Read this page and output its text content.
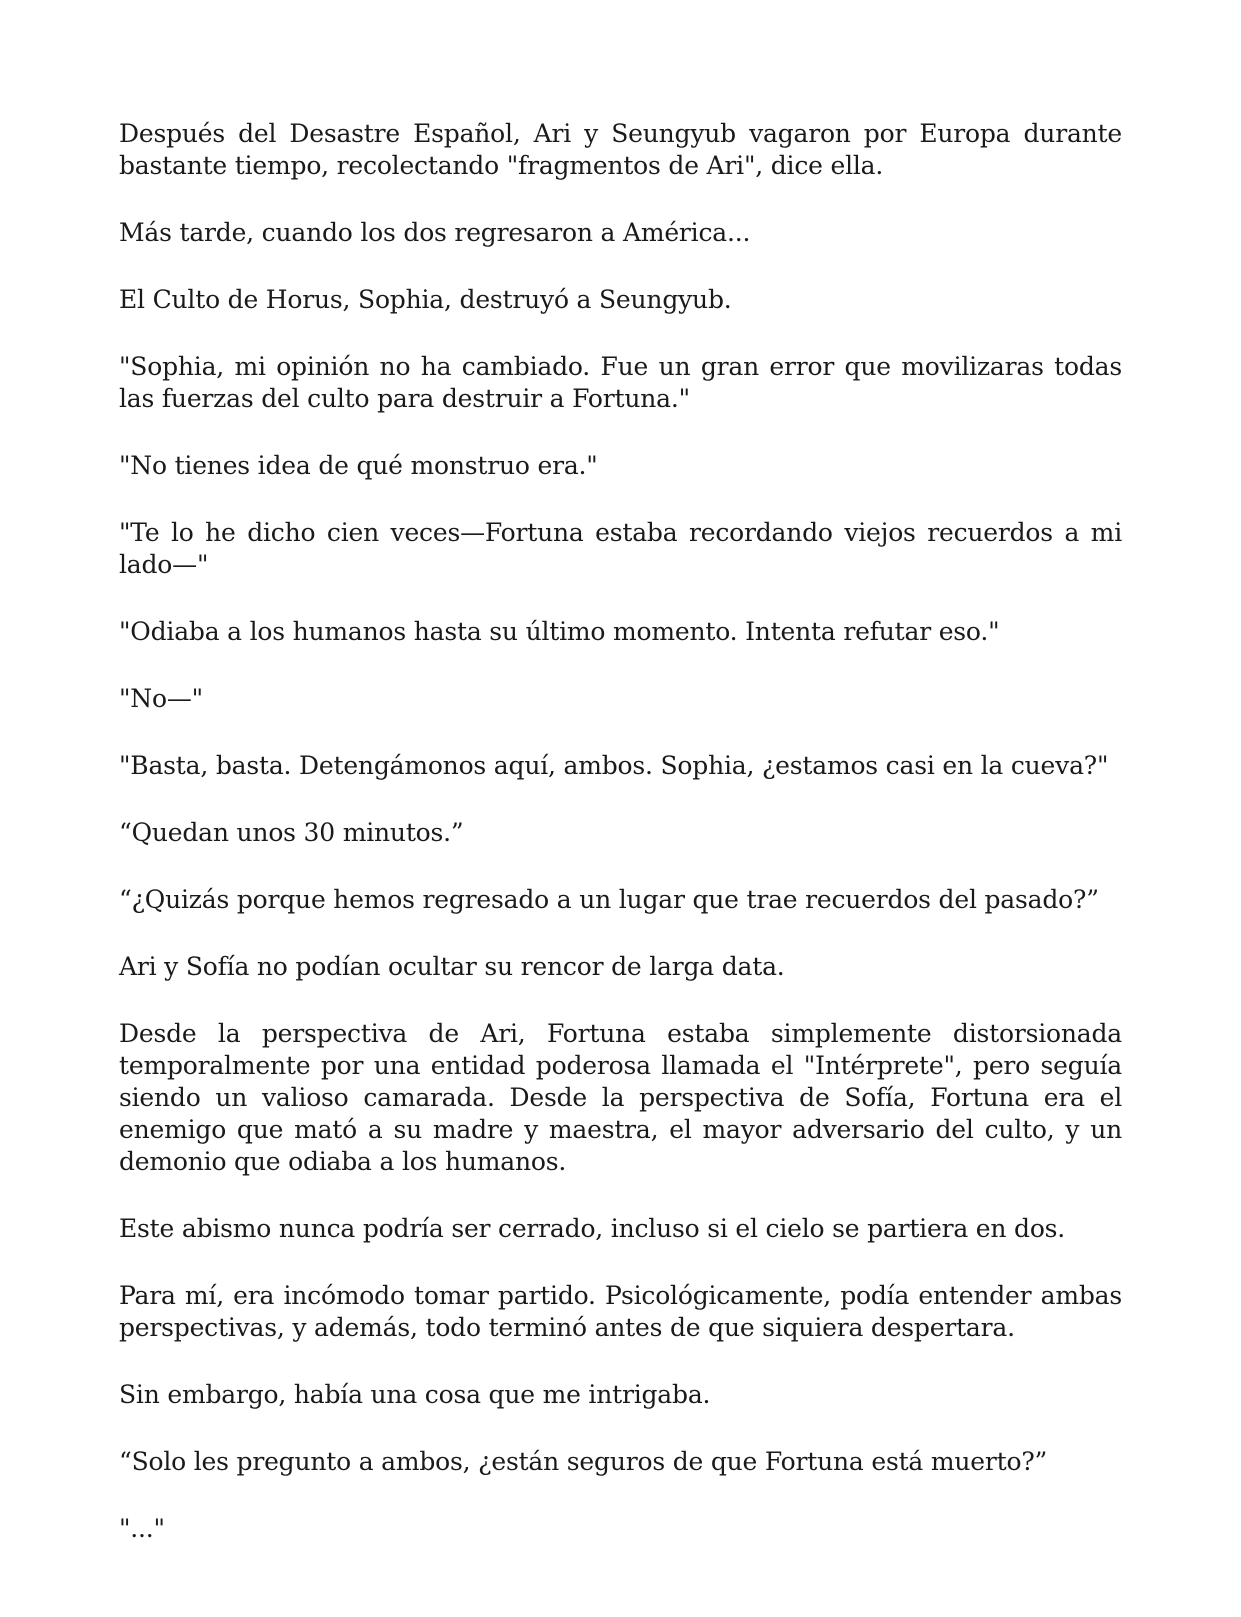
Después del Desastre Español, Ari y Seungyub vagaron por Europa durante bastante tiempo, recolectando "fragmentos de Ari", dice ella.

Más tarde, cuando los dos regresaron a América...

El Culto de Horus, Sophia, destruyó a Seungyub.

"Sophia, mi opinión no ha cambiado. Fue un gran error que movilizaras todas las fuerzas del culto para destruir a Fortuna."

"No tienes idea de qué monstruo era."

"Te lo he dicho cien veces—Fortuna estaba recordando viejos recuerdos a mi lado—"

"Odiaba a los humanos hasta su último momento. Intenta refutar eso."

"No—"

"Basta, basta. Detengámonos aquí, ambos. Sophia, ¿estamos casi en la cueva?"

“Quedan unos 30 minutos.”

“¿Quizás porque hemos regresado a un lugar que trae recuerdos del pasado?”

Ari y Sofía no podían ocultar su rencor de larga data.

Desde la perspectiva de Ari, Fortuna estaba simplemente distorsionada temporalmente por una entidad poderosa llamada el "Intérprete", pero seguía siendo un valioso camarada. Desde la perspectiva de Sofía, Fortuna era el enemigo que mató a su madre y maestra, el mayor adversario del culto, y un demonio que odiaba a los humanos.

Este abismo nunca podría ser cerrado, incluso si el cielo se partiera en dos.

Para mí, era incómodo tomar partido. Psicológicamente, podía entender ambas perspectivas, y además, todo terminó antes de que siquiera despertara.

Sin embargo, había una cosa que me intrigaba.

“Solo les pregunto a ambos, ¿están seguros de que Fortuna está muerto?”

"..."
